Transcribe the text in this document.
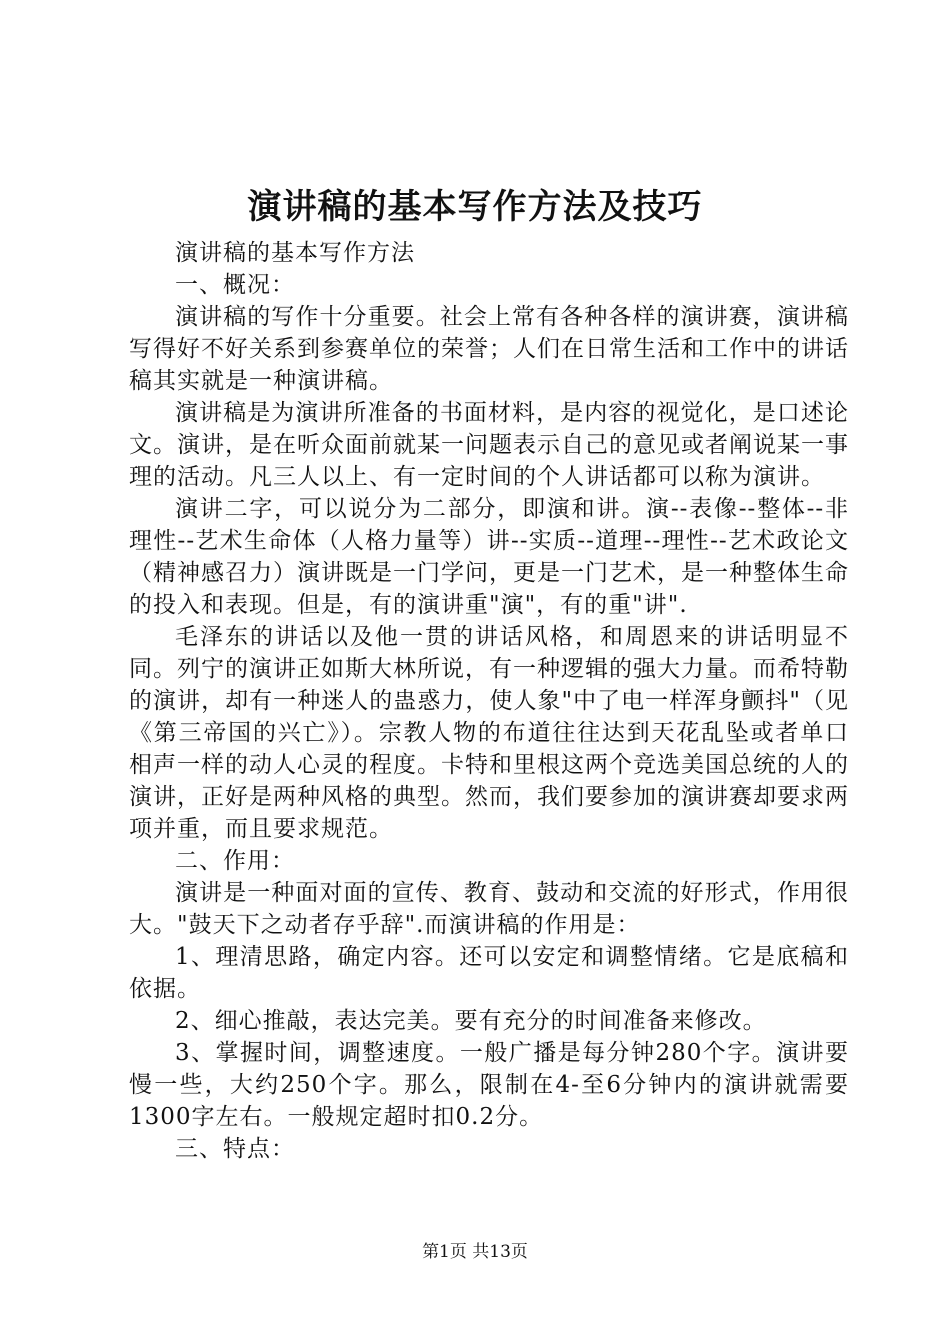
演讲稿的基本写作方法及技巧

演讲稿的基本写作方法

一、概况：

演讲稿的写作十分重要。社会上常有各种各样的演讲赛，演讲稿写得好不好关系到参赛单位的荣誉；人们在日常生活和工作中的讲话稿其实就是一种演讲稿。

演讲稿是为演讲所准备的书面材料，是内容的视觉化，是口述论文。演讲，是在听众面前就某一问题表示自己的意见或者阐说某一事理的活动。凡三人以上、有一定时间的个人讲话都可以称为演讲。

演讲二字，可以说分为二部分，即演和讲。演--表像--整体--非理性--艺术生命体（人格力量等）讲--实质--道理--理性--艺术政论文（精神感召力）演讲既是一门学问，更是一门艺术，是一种整体生命的投入和表现。但是，有的演讲重"演"，有的重"讲".

毛泽东的讲话以及他一贯的讲话风格，和周恩来的讲话明显不同。列宁的演讲正如斯大林所说，有一种逻辑的强大力量。而希特勒的演讲，却有一种迷人的蛊惑力，使人象"中了电一样浑身颤抖"（见《第三帝国的兴亡》）。宗教人物的布道往往达到天花乱坠或者单口相声一样的动人心灵的程度。卡特和里根这两个竞选美国总统的人的演讲，正好是两种风格的典型。然而，我们要参加的演讲赛却要求两项并重，而且要求规范。

二、作用：

演讲是一种面对面的宣传、教育、鼓动和交流的好形式，作用很大。"鼓天下之动者存乎辞".而演讲稿的作用是：

1、理清思路，确定内容。还可以安定和调整情绪。它是底稿和依据。

2、细心推敲，表达完美。要有充分的时间准备来修改。

3、掌握时间，调整速度。一般广播是每分钟280个字。演讲要慢一些，大约250个字。那么，限制在4-至6分钟内的演讲就需要1300字左右。一般规定超时扣0.2分。

三、特点：

第1页 共13页
